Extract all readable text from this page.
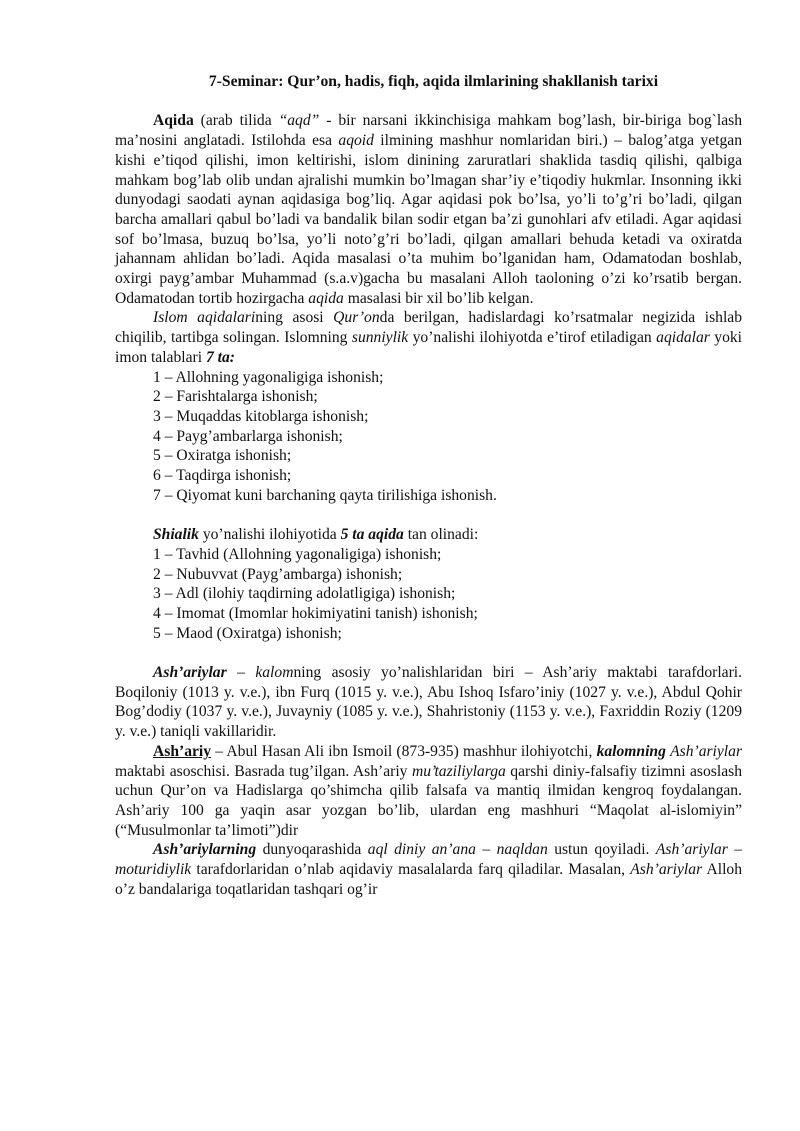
7-Seminar: Qur’on, hadis, fiqh, aqida ilmlarining shakllanish tarixi

Aqida (arab tilida “aqd” - bir narsani ikkinchisiga mahkam bog’lash, bir-biriga bog`lash ma’nosini anglatadi. Istilohda esa aqoid ilmining mashhur nomlaridan biri.) – balog’atga yetgan kishi e’tiqod qilishi, imon keltirishi, islom dinining zaruratlari shaklida tasdiq qilishi, qalbiga mahkam bog’lab olib undan ajralishi mumkin bo’lmagan shar’iy e’tiqodiy hukmlar. Insonning ikki dunyodagi saodati aynan aqidasiga bog’liq. Agar aqidasi pok bo’lsa, yo’li to’g’ri bo’ladi, qilgan barcha amallari qabul bo’ladi va bandalik bilan sodir etgan ba’zi gunohlari afv etiladi. Agar aqidasi sof bo’lmasa, buzuq bo’lsa, yo’li noto’g’ri bo’ladi, qilgan amallari behuda ketadi va oxiratda jahannam ahlidan bo’ladi. Aqida masalasi o’ta muhim bo’lganidan ham, Odamatodan boshlab, oxirgi payg’ambar Muhammad (s.a.v)gacha bu masalani Alloh taoloning o’zi ko’rsatib bergan. Odamatodan tortib hozirgacha aqida masalasi bir xil bo’lib kelgan.

Islom aqidalarining asosi Qur’onda berilgan, hadislardagi ko’rsatmalar negizida ishlab chiqilib, tartibga solingan. Islomning sunniylik yo’nalishi ilohiyotda e’tirof etiladigan aqidalar yoki imon talablari 7 ta:

1 – Allohning yagonaligiga ishonish;
2 – Farishtalarga ishonish;
3 – Muqaddas kitoblarga ishonish;
4 – Payg’ambarlarga ishonish;
5 – Oxiratga ishonish;
6 – Taqdirga ishonish;
7 – Qiyomat kuni barchaning qayta tirilishiga ishonish.

Shialik yo’nalishi ilohiyotida 5 ta aqida tan olinadi:

1 – Tavhid (Allohning yagonaligiga) ishonish;
2 – Nubuvvat (Payg’ambarga) ishonish;
3 – Adl (ilohiy taqdirning adolatligiga) ishonish;
4 – Imomat (Imomlar hokimiyatini tanish) ishonish;
5 – Maod (Oxiratga) ishonish;

Ash’ariylar – kalomning asosiy yo’nalishlaridan biri – Ash’ariy maktabi tarafdorlari. Boqiloniy (1013 y. v.e.), ibn Furq (1015 y. v.e.), Abu Ishoq Isfaro’iniy (1027 y. v.e.), Abdul Qohir Bog’dodiy (1037 y. v.e.), Juvayniy (1085 y. v.e.), Shahristoniy (1153 y. v.e.), Faxriddin Roziy (1209 y. v.e.) taniqli vakillaridir.

Ash’ariy – Abul Hasan Ali ibn Ismoil (873-935) mashhur ilohiyotchi, kalomning Ash’ariylar maktabi asoschisi. Basrada tug’ilgan. Ash’ariy mu’taziliylarga qarshi diniy-falsafiy tizimni asoslash uchun Qur’on va Hadislarga qo’shimcha qilib falsafa va mantiq ilmidan kengroq foydalangan. Ash’ariy 100 ga yaqin asar yozgan bo’lib, ulardan eng mashhuri “Maqolat al-islomiyin” (“Musulmonlar ta’limoti”)dir

Ash’ariylarning dunyoqarashida aql diniy an’ana – naqldan ustun qoyiladi. Ash’ariylar – moturidiylik tarafdorlaridan o’nlab aqidaviy masalalarda farq qiladilar. Masalan, Ash’ariylar Alloh o’z bandalariga toqatlaridan tashqari og’ir
